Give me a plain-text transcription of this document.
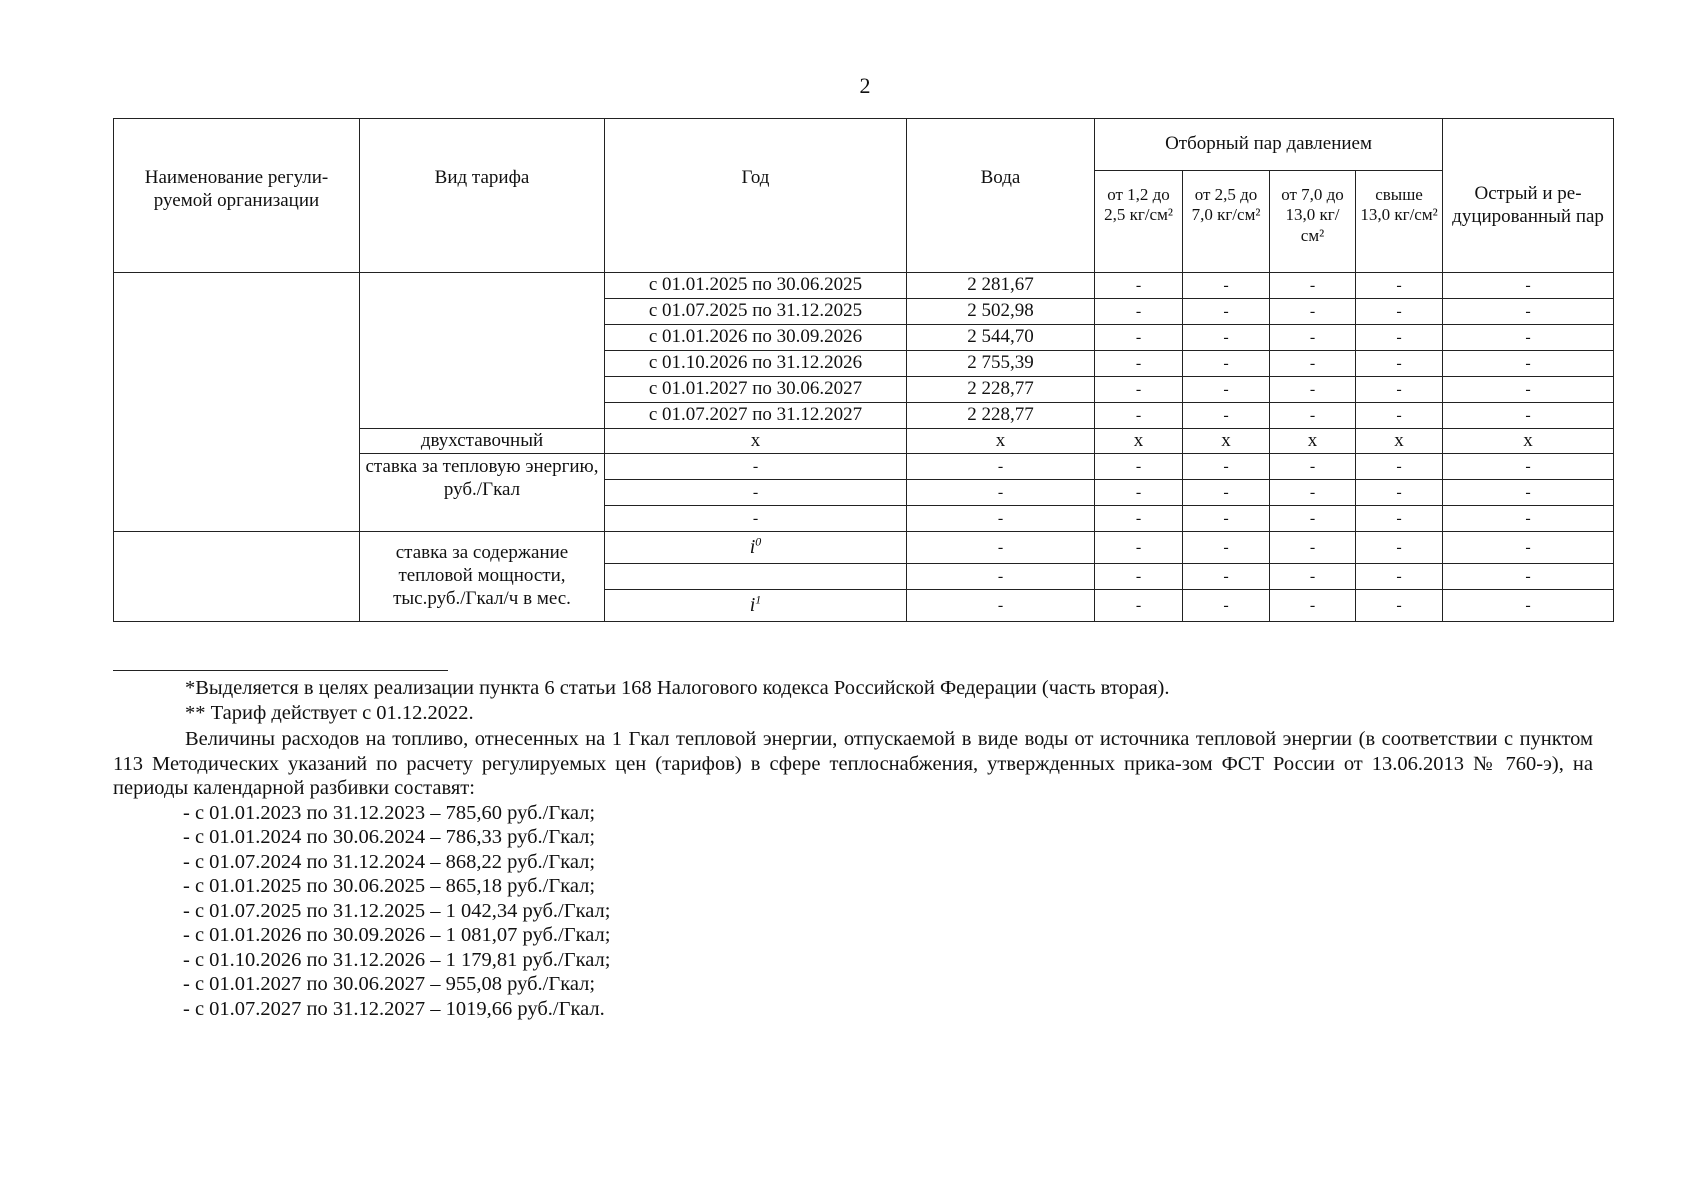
2
Наименование регули-руемой организации	Вид тарифа	Год	Вода	Отборный пар давлением				Острый и ре-дуцированный пар
				от 1,2 до 2,5 кг/см²	от 2,5 до 7,0 кг/см²	от 7,0 до 13,0 кг/см²	свыше 13,0 кг/см²	
		с 01.01.2025 по 30.06.2025	2 281,67	-	-	-	-	-
		с 01.07.2025 по 31.12.2025	2 502,98	-	-	-	-	-
		с 01.01.2026 по 30.09.2026	2 544,70	-	-	-	-	-
		с 01.10.2026 по 31.12.2026	2 755,39	-	-	-	-	-
		с 01.01.2027 по 30.06.2027	2 228,77	-	-	-	-	-
		с 01.07.2027 по 31.12.2027	2 228,77	-	-	-	-	-
	двухставочный	x	x	x	x	x	x	x
	ставка за тепловую энергию, руб./Гкал	-	-	-	-	-	-	-
		-	-	-	-	-	-	-
		-	-	-	-	-	-	-
	ставка за содержание тепловой мощности, тыс.руб./Гкал/ч в мес.	$i^0$	-	-	-	-	-	-
			-	-	-	-	-	-
		$i^1$	-	-	-	-	-	-

*Выделяется в целях реализации пункта 6 статьи 168 Налогового кодекса Российской Федерации (часть вторая).

** Тариф действует с 01.12.2022.

Величины расходов на топливо, отнесенных на 1 Гкал тепловой энергии, отпускаемой в виде воды от источника тепловой энергии (в соответствии с пунктом 113 Методических указаний по расчету регулируемых цен (тарифов) в сфере теплоснабжения, утвержденных прика-зом ФСТ России от 13.06.2013 № 760-э), на периоды календарной разбивки составят:

- с 01.01.2023 по 31.12.2023 – 785,60 руб./Гкал;

- с 01.01.2024 по 30.06.2024 – 786,33 руб./Гкал;

- с 01.07.2024 по 31.12.2024 – 868,22 руб./Гкал;

- с 01.01.2025 по 30.06.2025 – 865,18 руб./Гкал;

- с 01.07.2025 по 31.12.2025 – 1 042,34 руб./Гкал;

- с 01.01.2026 по 30.09.2026 – 1 081,07 руб./Гкал;

- с 01.10.2026 по 31.12.2026 – 1 179,81 руб./Гкал;

- с 01.01.2027 по 30.06.2027 – 955,08 руб./Гкал;

- с 01.07.2027 по 31.12.2027 – 1019,66 руб./Гкал.
